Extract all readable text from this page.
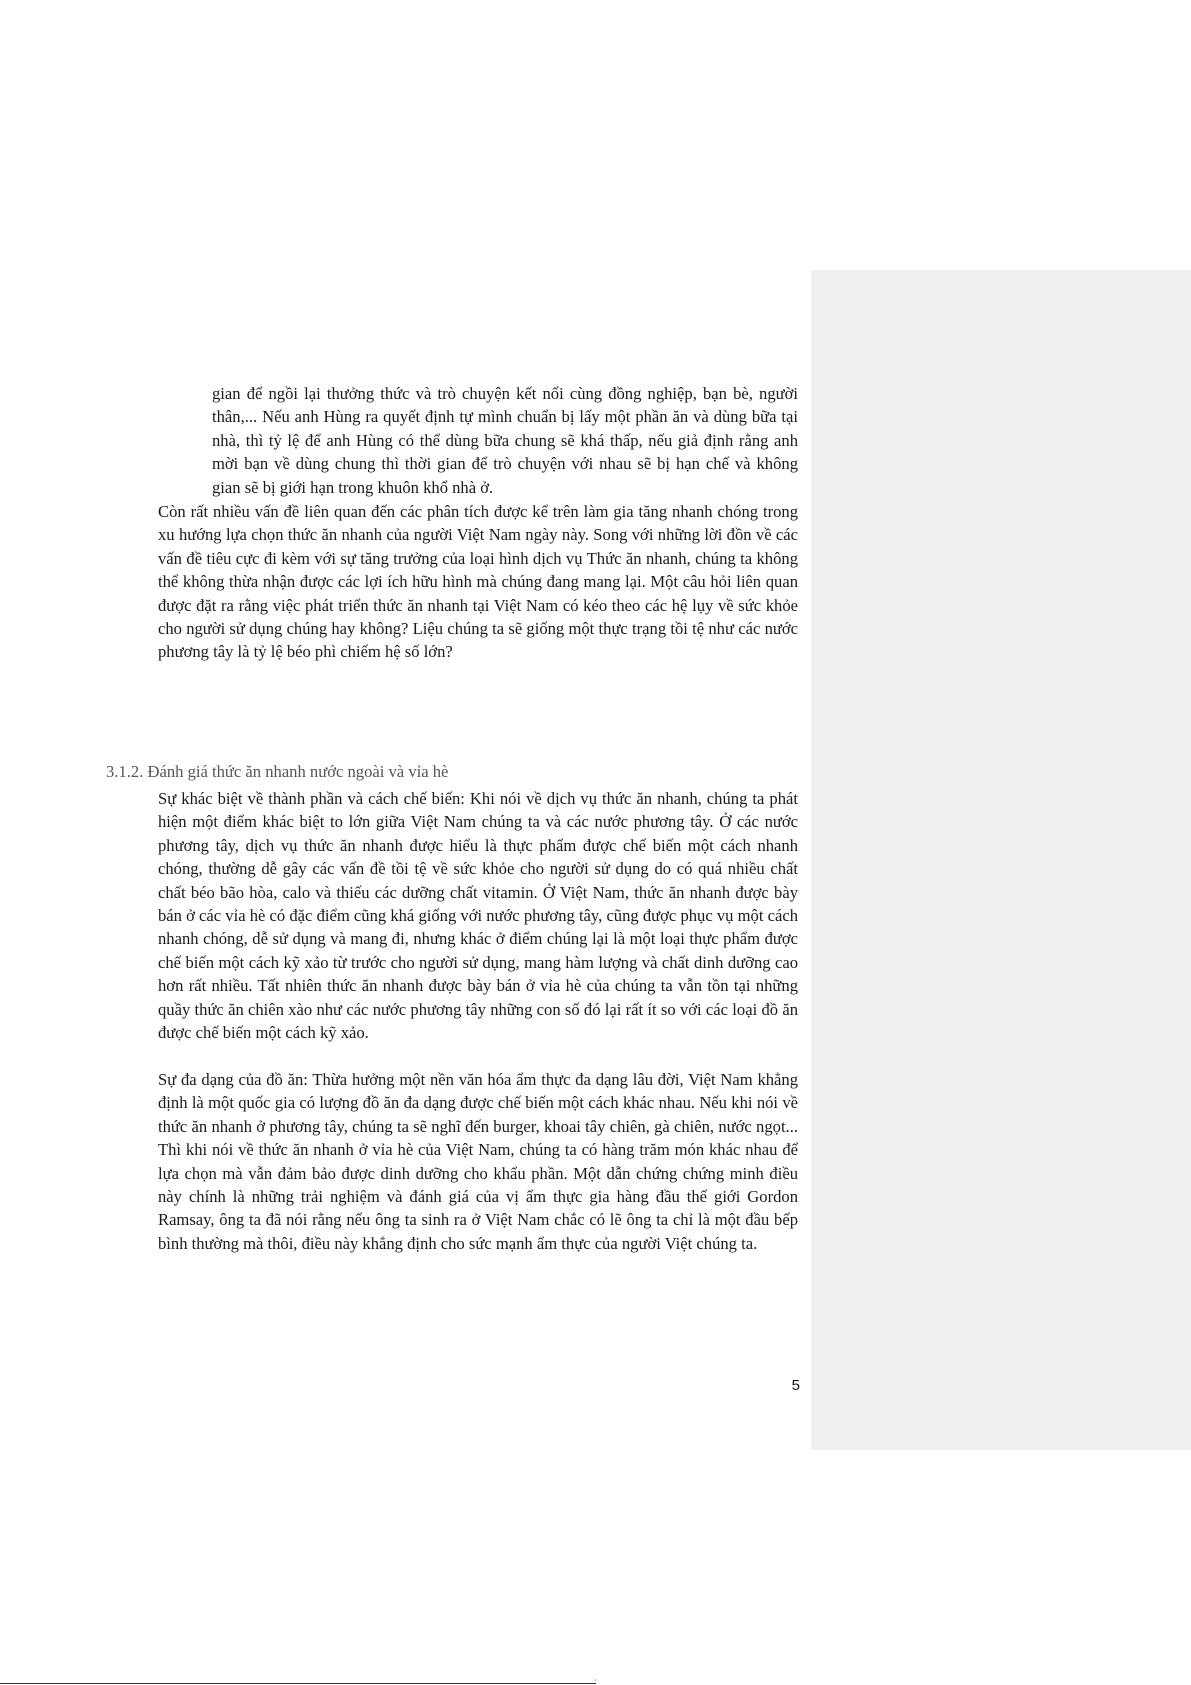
gian để ngồi lại thưởng thức và trò chuyện kết nối cùng đồng nghiệp, bạn bè, người thân,... Nếu anh Hùng ra quyết định tự mình chuẩn bị lấy một phần ăn và dùng bữa tại nhà, thì tỷ lệ để anh Hùng có thể dùng bữa chung sẽ khá thấp, nếu giả định rằng anh mời bạn về dùng chung thì thời gian để trò chuyện với nhau sẽ bị hạn chế và không gian sẽ bị giới hạn trong khuôn khổ nhà ở.

Còn rất nhiều vấn đề liên quan đến các phân tích được kể trên làm gia tăng nhanh chóng trong xu hướng lựa chọn thức ăn nhanh của người Việt Nam ngày này. Song với những lời đồn về các vấn đề tiêu cực đi kèm với sự tăng trưởng của loại hình dịch vụ Thức ăn nhanh, chúng ta không thể không thừa nhận được các lợi ích hữu hình mà chúng đang mang lại. Một câu hỏi liên quan được đặt ra rằng việc phát triển thức ăn nhanh tại Việt Nam có kéo theo các hệ lụy về sức khỏe cho người sử dụng chúng hay không? Liệu chúng ta sẽ giống một thực trạng tồi tệ như các nước phương tây là tỷ lệ béo phì chiếm hệ số lớn?

3.1.2. Đánh giá thức ăn nhanh nước ngoài và vỉa hè

Sự khác biệt về thành phần và cách chế biến: Khi nói về dịch vụ thức ăn nhanh, chúng ta phát hiện một điểm khác biệt to lớn giữa Việt Nam chúng ta và các nước phương tây. Ở các nước phương tây, dịch vụ thức ăn nhanh được hiểu là thực phẩm được chế biến một cách nhanh chóng, thường dễ gây các vấn đề tồi tệ về sức khỏe cho người sử dụng do có quá nhiều chất chất béo bão hòa, calo và thiếu các dưỡng chất vitamin. Ở Việt Nam, thức ăn nhanh được bày bán ở các vỉa hè có đặc điểm cũng khá giống với nước phương tây, cũng được phục vụ một cách nhanh chóng, dễ sử dụng và mang đi, nhưng khác ở điểm chúng lại là một loại thực phẩm được chế biến một cách kỹ xảo từ trước cho người sử dụng, mang hàm lượng và chất dinh dưỡng cao hơn rất nhiều. Tất nhiên thức ăn nhanh được bày bán ở vỉa hè của chúng ta vẫn tồn tại những quầy thức ăn chiên xào như các nước phương tây những con số đó lại rất ít so với các loại đồ ăn được chế biến một cách kỹ xảo.

Sự đa dạng của đồ ăn: Thừa hưởng một nền văn hóa ẩm thực đa dạng lâu đời, Việt Nam khẳng định là một quốc gia có lượng đồ ăn đa dạng được chế biến một cách khác nhau. Nếu khi nói về thức ăn nhanh ở phương tây, chúng ta sẽ nghĩ đến burger, khoai tây chiên, gà chiên, nước ngọt... Thì khi nói về thức ăn nhanh ở vỉa hè của Việt Nam, chúng ta có hàng trăm món khác nhau để lựa chọn mà vẫn đảm bảo được dinh dưỡng cho khẩu phần. Một dẫn chứng chứng minh điều này chính là những trải nghiệm và đánh giá của vị ẩm thực gia hàng đầu thế giới Gordon Ramsay, ông ta đã nói rằng nếu ông ta sinh ra ở Việt Nam chắc có lẽ ông ta chỉ là một đầu bếp bình thường mà thôi, điều này khẳng định cho sức mạnh ẩm thực của người Việt chúng ta.

5
·
